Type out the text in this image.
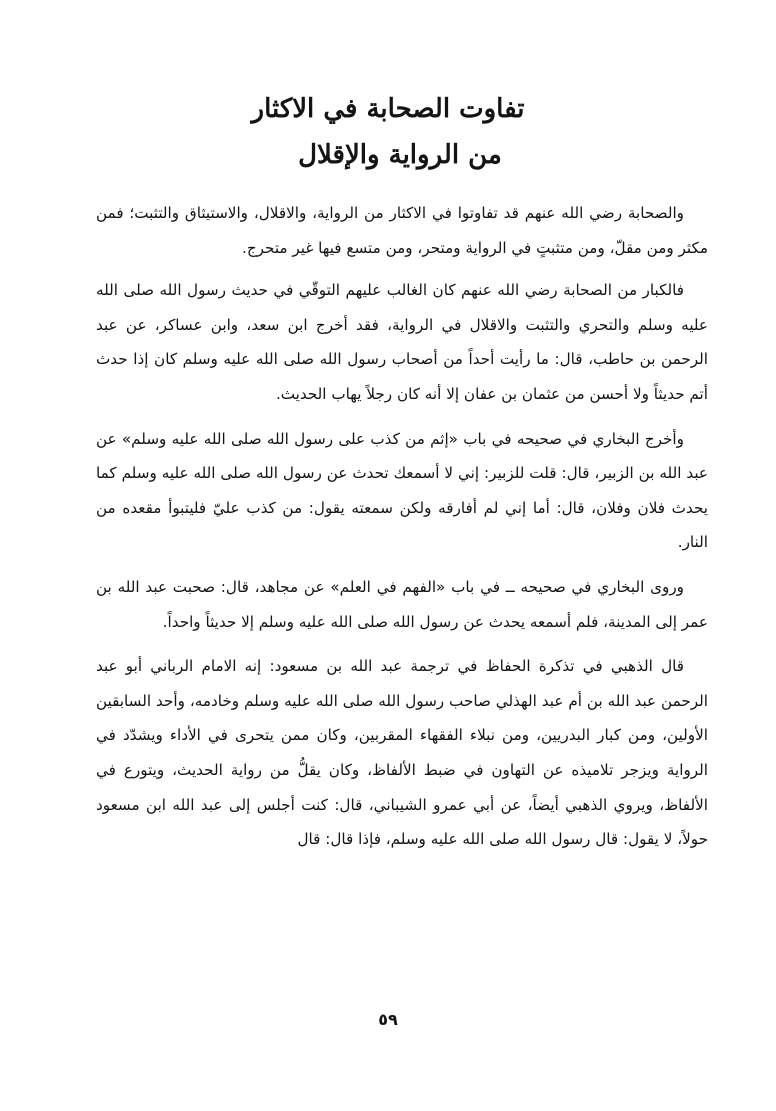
تفاوت الصحابة في الاكثار
من الرواية والإقلال

والصحابة رضي الله عنهم قد تفاوتوا في الاكثار من الرواية، والاقلال، والاستيثاق والتثبت؛ فمن مكثر ومن مقلّ، ومن متثبتٍ في الرواية ومتحر، ومن متسع فيها غير متحرج.

فالكبار من الصحابة رضي الله عنهم كان الغالب عليهم التوقّي في حديث رسول الله صلى الله عليه وسلم والتحري والتثبت والاقلال في الرواية، فقد أخرج ابن سعد، وابن عساكر، عن عبد الرحمن بن حاطب، قال: ما رأيت أحداً من أصحاب رسول الله صلى الله عليه وسلم كان إذا حدث أتم حديثاً ولا أحسن من عثمان بن عفان إلا أنه كان رجلاً يهاب الحديث.

وأخرج البخاري في صحيحه في باب «إثم من كذب على رسول الله صلى الله عليه وسلم» عن عبد الله بن الزبير، قال: قلت للزبير: إني لا أسمعك تحدث عن رسول الله صلى الله عليه وسلم كما يحدث فلان وفلان، قال: أما إني لم أفارقه ولكن سمعته يقول: من كذب عليّ فليتبوأ مقعده من النار.

وروى البخاري في صحيحه ــ في باب «الفهم في العلم» عن مجاهد، قال: صحبت عبد الله بن عمر إلى المدينة، فلم أسمعه يحدث عن رسول الله صلى الله عليه وسلم إلا حديثاً واحداً.

قال الذهبي في تذكرة الحفاظ في ترجمة عبد الله بن مسعود: إنه الامام الرباني أبو عبد الرحمن عبد الله بن أم عبد الهذلي صاحب رسول الله صلى الله عليه وسلم وخادمه، وأحد السابقين الأولين، ومن كبار البدريين، ومن نبلاء الفقهاء المقربين، وكان ممن يتحرى في الأداء ويشدّد في الرواية ويزجر تلاميذه عن التهاون في ضبط الألفاظ، وكان يقلُّ من رواية الحديث، ويتورع في الألفاظ، ويروي الذهبي أيضاً، عن أبي عمرو الشيباني، قال: كنت أجلس إلى عبد الله ابن مسعود حولاً، لا يقول: قال رسول الله صلى الله عليه وسلم، فإذا قال: قال

٥٩
